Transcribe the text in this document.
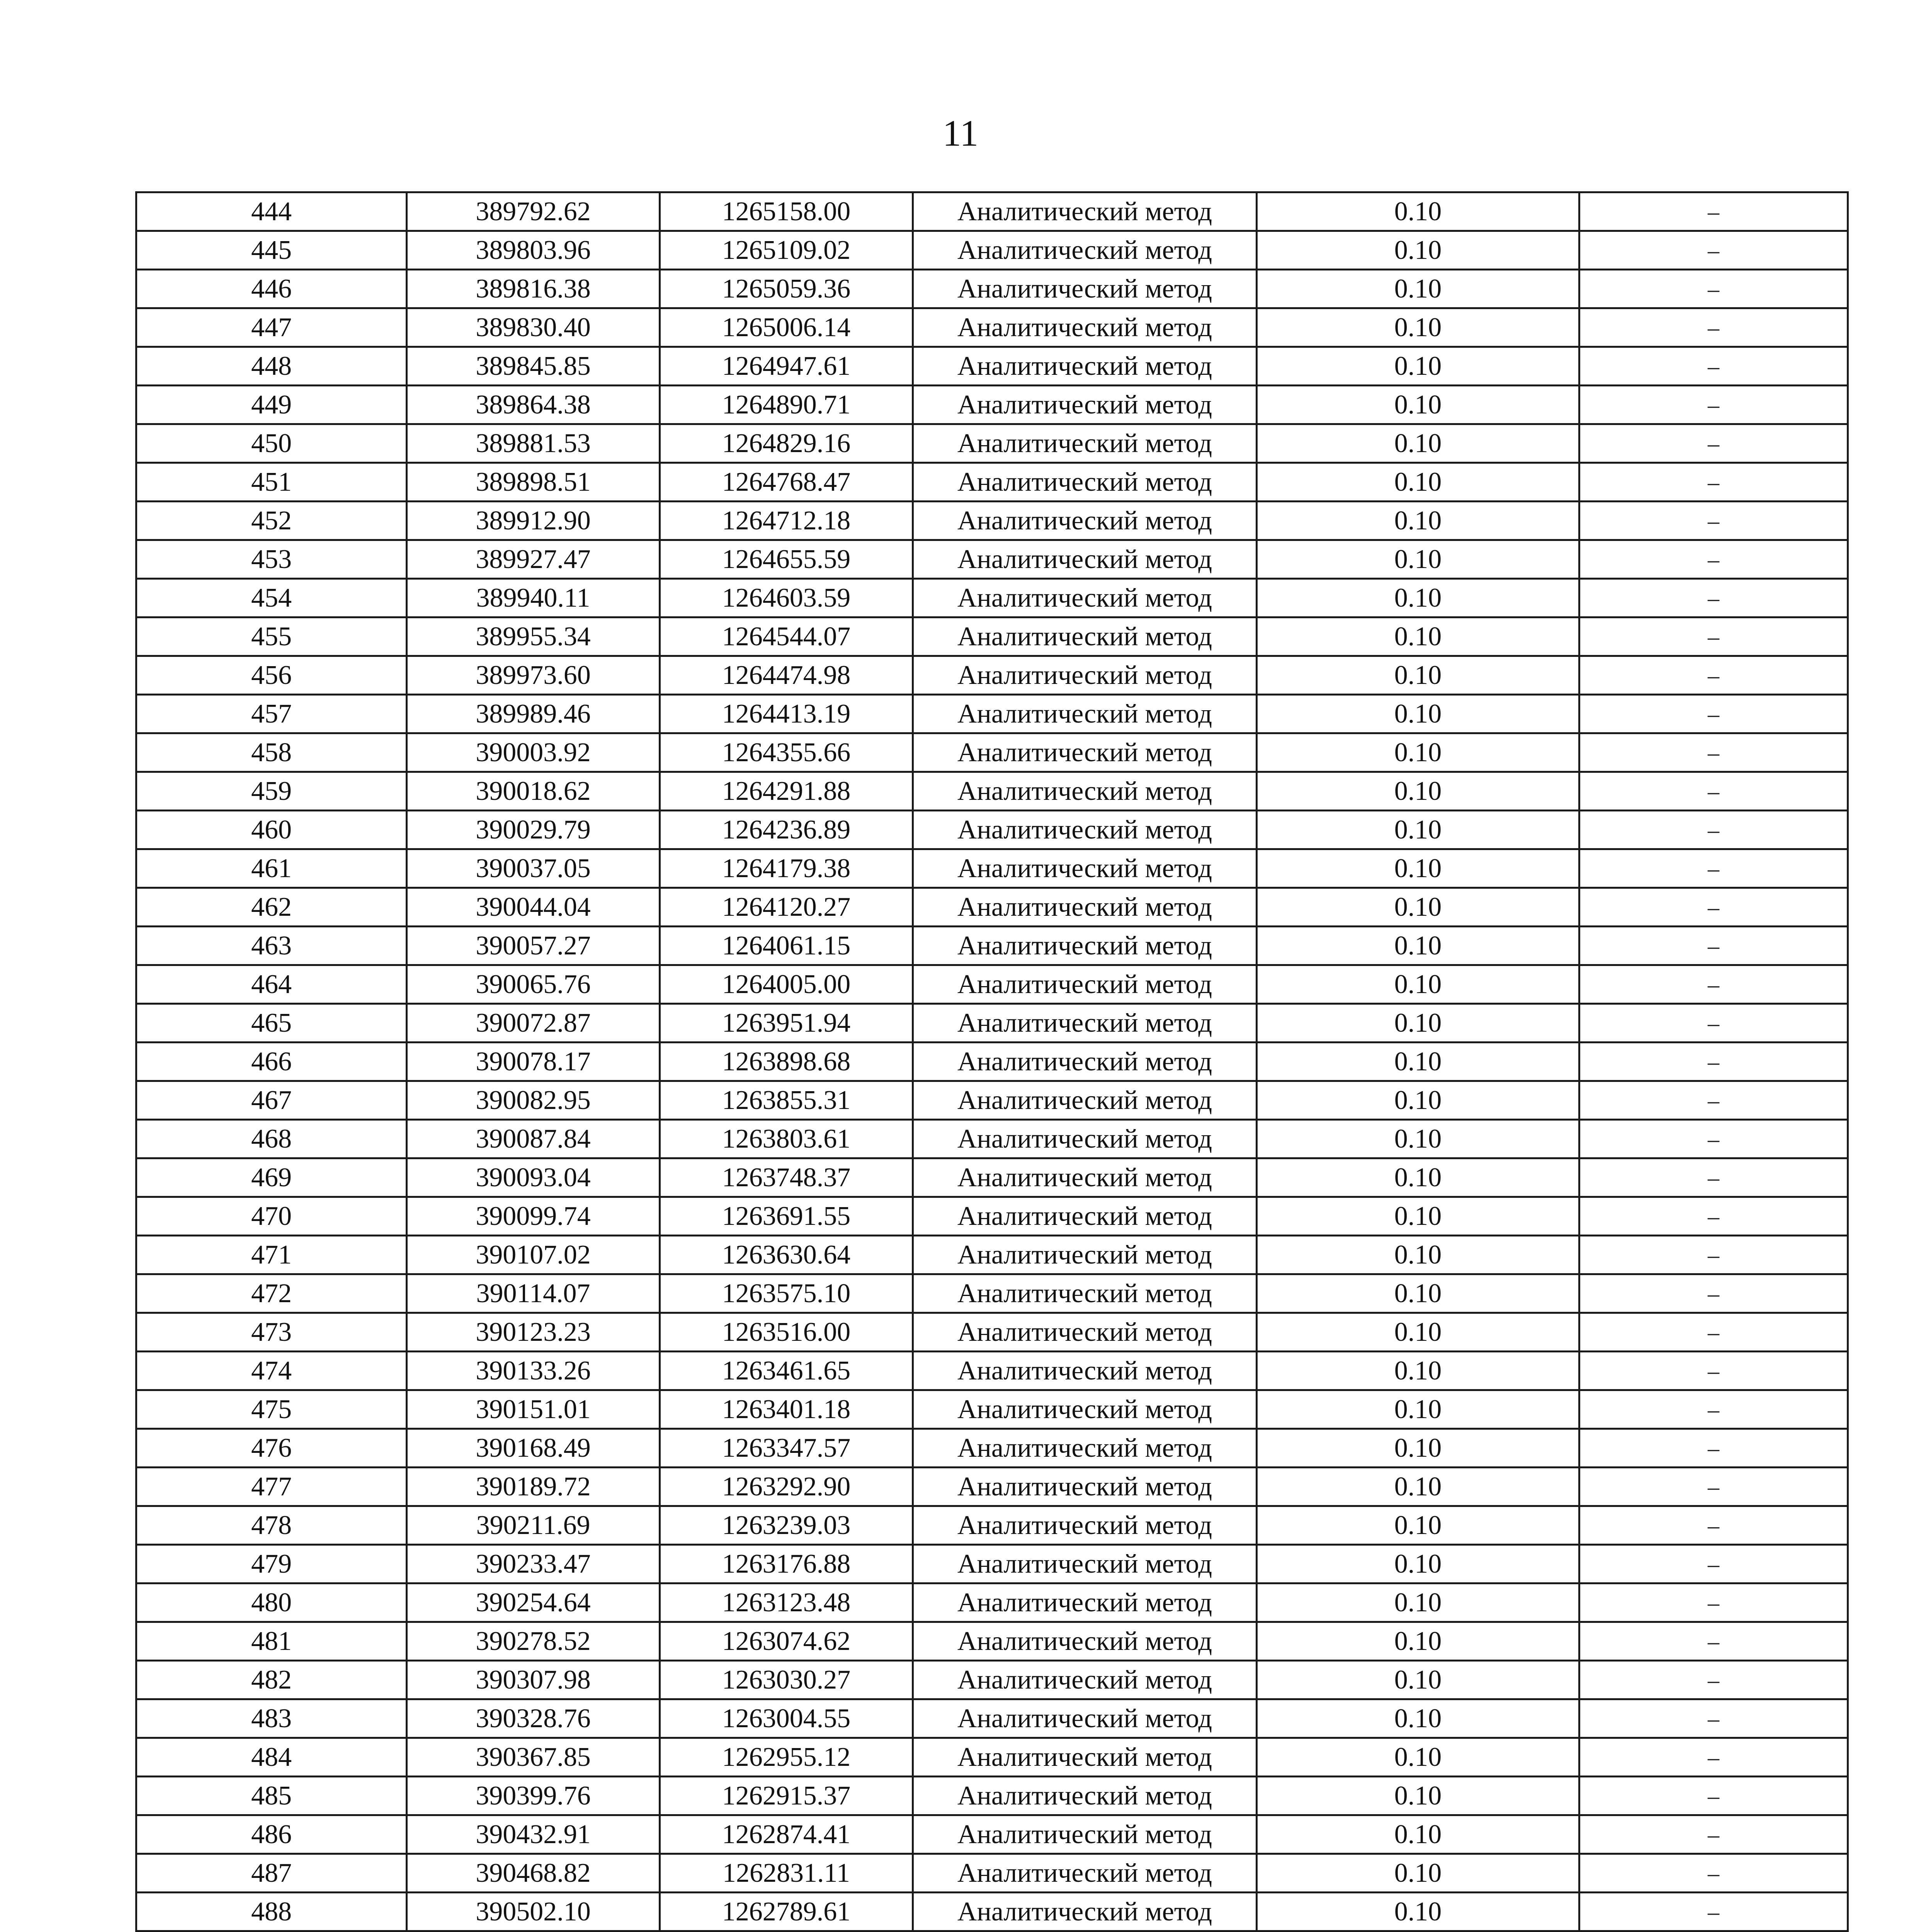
11
444	389792.62	1265158.00	Аналитический метод	0.10	–
445	389803.96	1265109.02	Аналитический метод	0.10	–
446	389816.38	1265059.36	Аналитический метод	0.10	–
447	389830.40	1265006.14	Аналитический метод	0.10	–
448	389845.85	1264947.61	Аналитический метод	0.10	–
449	389864.38	1264890.71	Аналитический метод	0.10	–
450	389881.53	1264829.16	Аналитический метод	0.10	–
451	389898.51	1264768.47	Аналитический метод	0.10	–
452	389912.90	1264712.18	Аналитический метод	0.10	–
453	389927.47	1264655.59	Аналитический метод	0.10	–
454	389940.11	1264603.59	Аналитический метод	0.10	–
455	389955.34	1264544.07	Аналитический метод	0.10	–
456	389973.60	1264474.98	Аналитический метод	0.10	–
457	389989.46	1264413.19	Аналитический метод	0.10	–
458	390003.92	1264355.66	Аналитический метод	0.10	–
459	390018.62	1264291.88	Аналитический метод	0.10	–
460	390029.79	1264236.89	Аналитический метод	0.10	–
461	390037.05	1264179.38	Аналитический метод	0.10	–
462	390044.04	1264120.27	Аналитический метод	0.10	–
463	390057.27	1264061.15	Аналитический метод	0.10	–
464	390065.76	1264005.00	Аналитический метод	0.10	–
465	390072.87	1263951.94	Аналитический метод	0.10	–
466	390078.17	1263898.68	Аналитический метод	0.10	–
467	390082.95	1263855.31	Аналитический метод	0.10	–
468	390087.84	1263803.61	Аналитический метод	0.10	–
469	390093.04	1263748.37	Аналитический метод	0.10	–
470	390099.74	1263691.55	Аналитический метод	0.10	–
471	390107.02	1263630.64	Аналитический метод	0.10	–
472	390114.07	1263575.10	Аналитический метод	0.10	–
473	390123.23	1263516.00	Аналитический метод	0.10	–
474	390133.26	1263461.65	Аналитический метод	0.10	–
475	390151.01	1263401.18	Аналитический метод	0.10	–
476	390168.49	1263347.57	Аналитический метод	0.10	–
477	390189.72	1263292.90	Аналитический метод	0.10	–
478	390211.69	1263239.03	Аналитический метод	0.10	–
479	390233.47	1263176.88	Аналитический метод	0.10	–
480	390254.64	1263123.48	Аналитический метод	0.10	–
481	390278.52	1263074.62	Аналитический метод	0.10	–
482	390307.98	1263030.27	Аналитический метод	0.10	–
483	390328.76	1263004.55	Аналитический метод	0.10	–
484	390367.85	1262955.12	Аналитический метод	0.10	–
485	390399.76	1262915.37	Аналитический метод	0.10	–
486	390432.91	1262874.41	Аналитический метод	0.10	–
487	390468.82	1262831.11	Аналитический метод	0.10	–
488	390502.10	1262789.61	Аналитический метод	0.10	–
